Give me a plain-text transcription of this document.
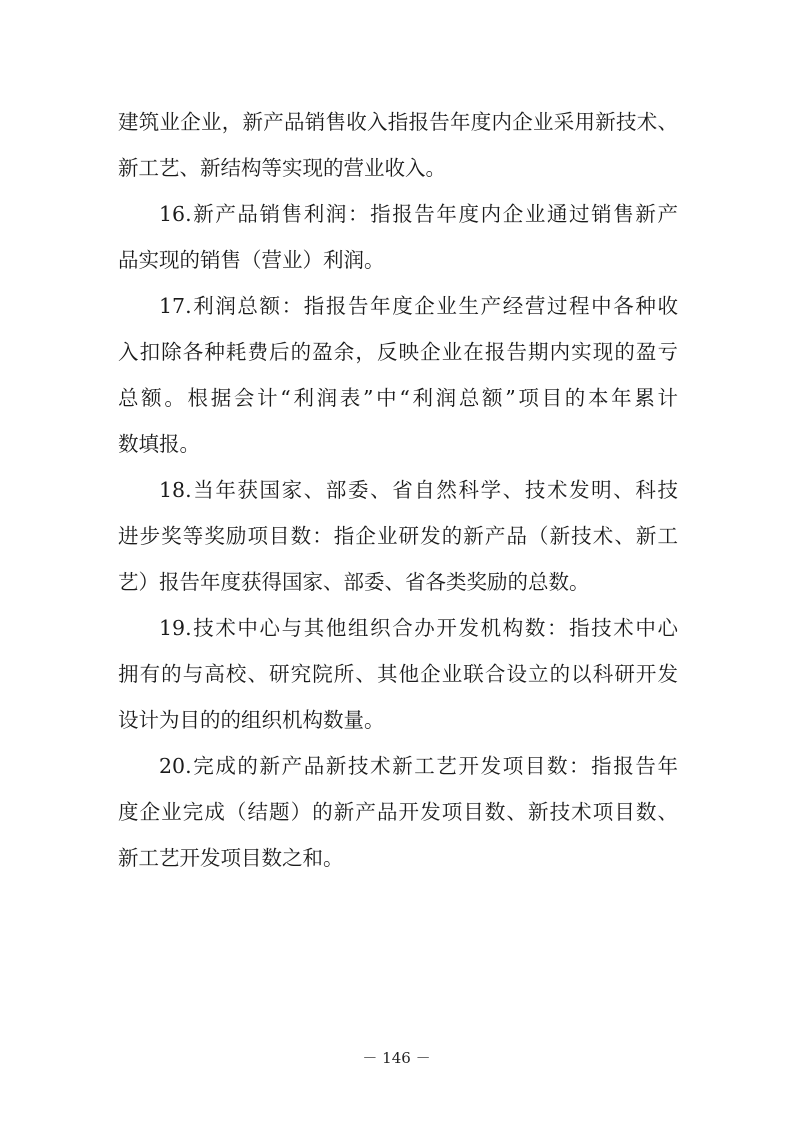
建筑业企业，新产品销售收入指报告年度内企业采用新技术、
新工艺、新结构等实现的营业收入。
16.新产品销售利润：指报告年度内企业通过销售新产
品实现的销售（营业）利润。
17.利润总额：指报告年度企业生产经营过程中各种收
入扣除各种耗费后的盈余，反映企业在报告期内实现的盈亏
总额。根据会计“利润表”中“利润总额”项目的本年累计
数填报。
18.当年获国家、部委、省自然科学、技术发明、科技
进步奖等奖励项目数：指企业研发的新产品（新技术、新工
艺）报告年度获得国家、部委、省各类奖励的总数。
19.技术中心与其他组织合办开发机构数：指技术中心
拥有的与高校、研究院所、其他企业联合设立的以科研开发
设计为目的的组织机构数量。
20.完成的新产品新技术新工艺开发项目数：指报告年
度企业完成（结题）的新产品开发项目数、新技术项目数、
新工艺开发项目数之和。
－ 146 －
